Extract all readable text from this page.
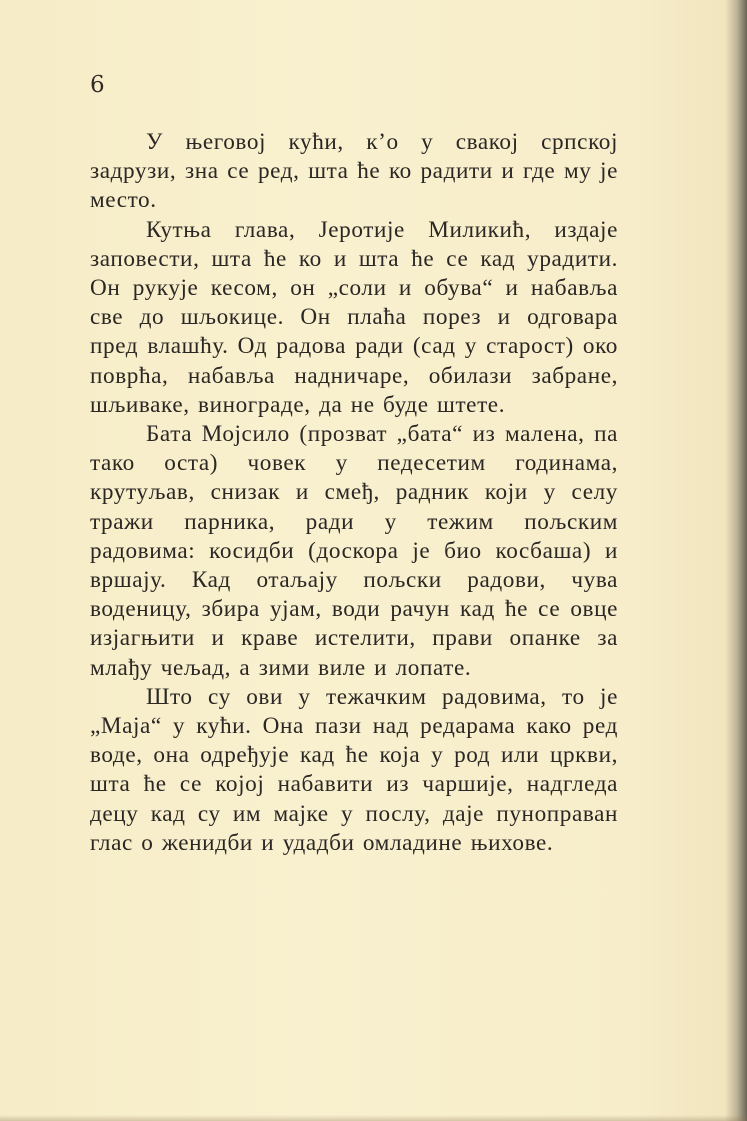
6

У његовој кући, к’о у свакој српској задрузи, зна се ред, шта ће ко радити и где му је место.

Кутња глава, Јеротије Миликић, издаје заповести, шта ће ко и шта ће се кад урадити. Он рукује кесом, он „соли и обува“ и набавља све до шљокице. Он плаћа порез и одговара пред влашћу. Од радова ради (сад у старост) око поврћа, набавља надничаре, обилази забране, шљиваке, винограде, да не буде штете.

Бата Мојсило (прозват „бата“ из малена, па тако оста) човек у педесетим годинама, крутуљав, снизак и смеђ, радник који у селу тражи парника, ради у тежим пољским радовима: косидби (доскора је био косбаша) и вршају. Кад отаљају пољски радови, чува воденицу, збира ујам, води рачун кад ће се овце изјагњити и краве истелити, прави опанке за млађу чељад, а зими виле и лопате.

Што су ови у тежачким радовима, то је „Маја“ у кући. Она пази над редарама како ред воде, она одређује кад ће која у род или цркви, шта ће се којој набавити из чаршије, надгледа децу кад су им мајке у послу, даје пуноправан глас о женидби и удадби омладине њихове.
